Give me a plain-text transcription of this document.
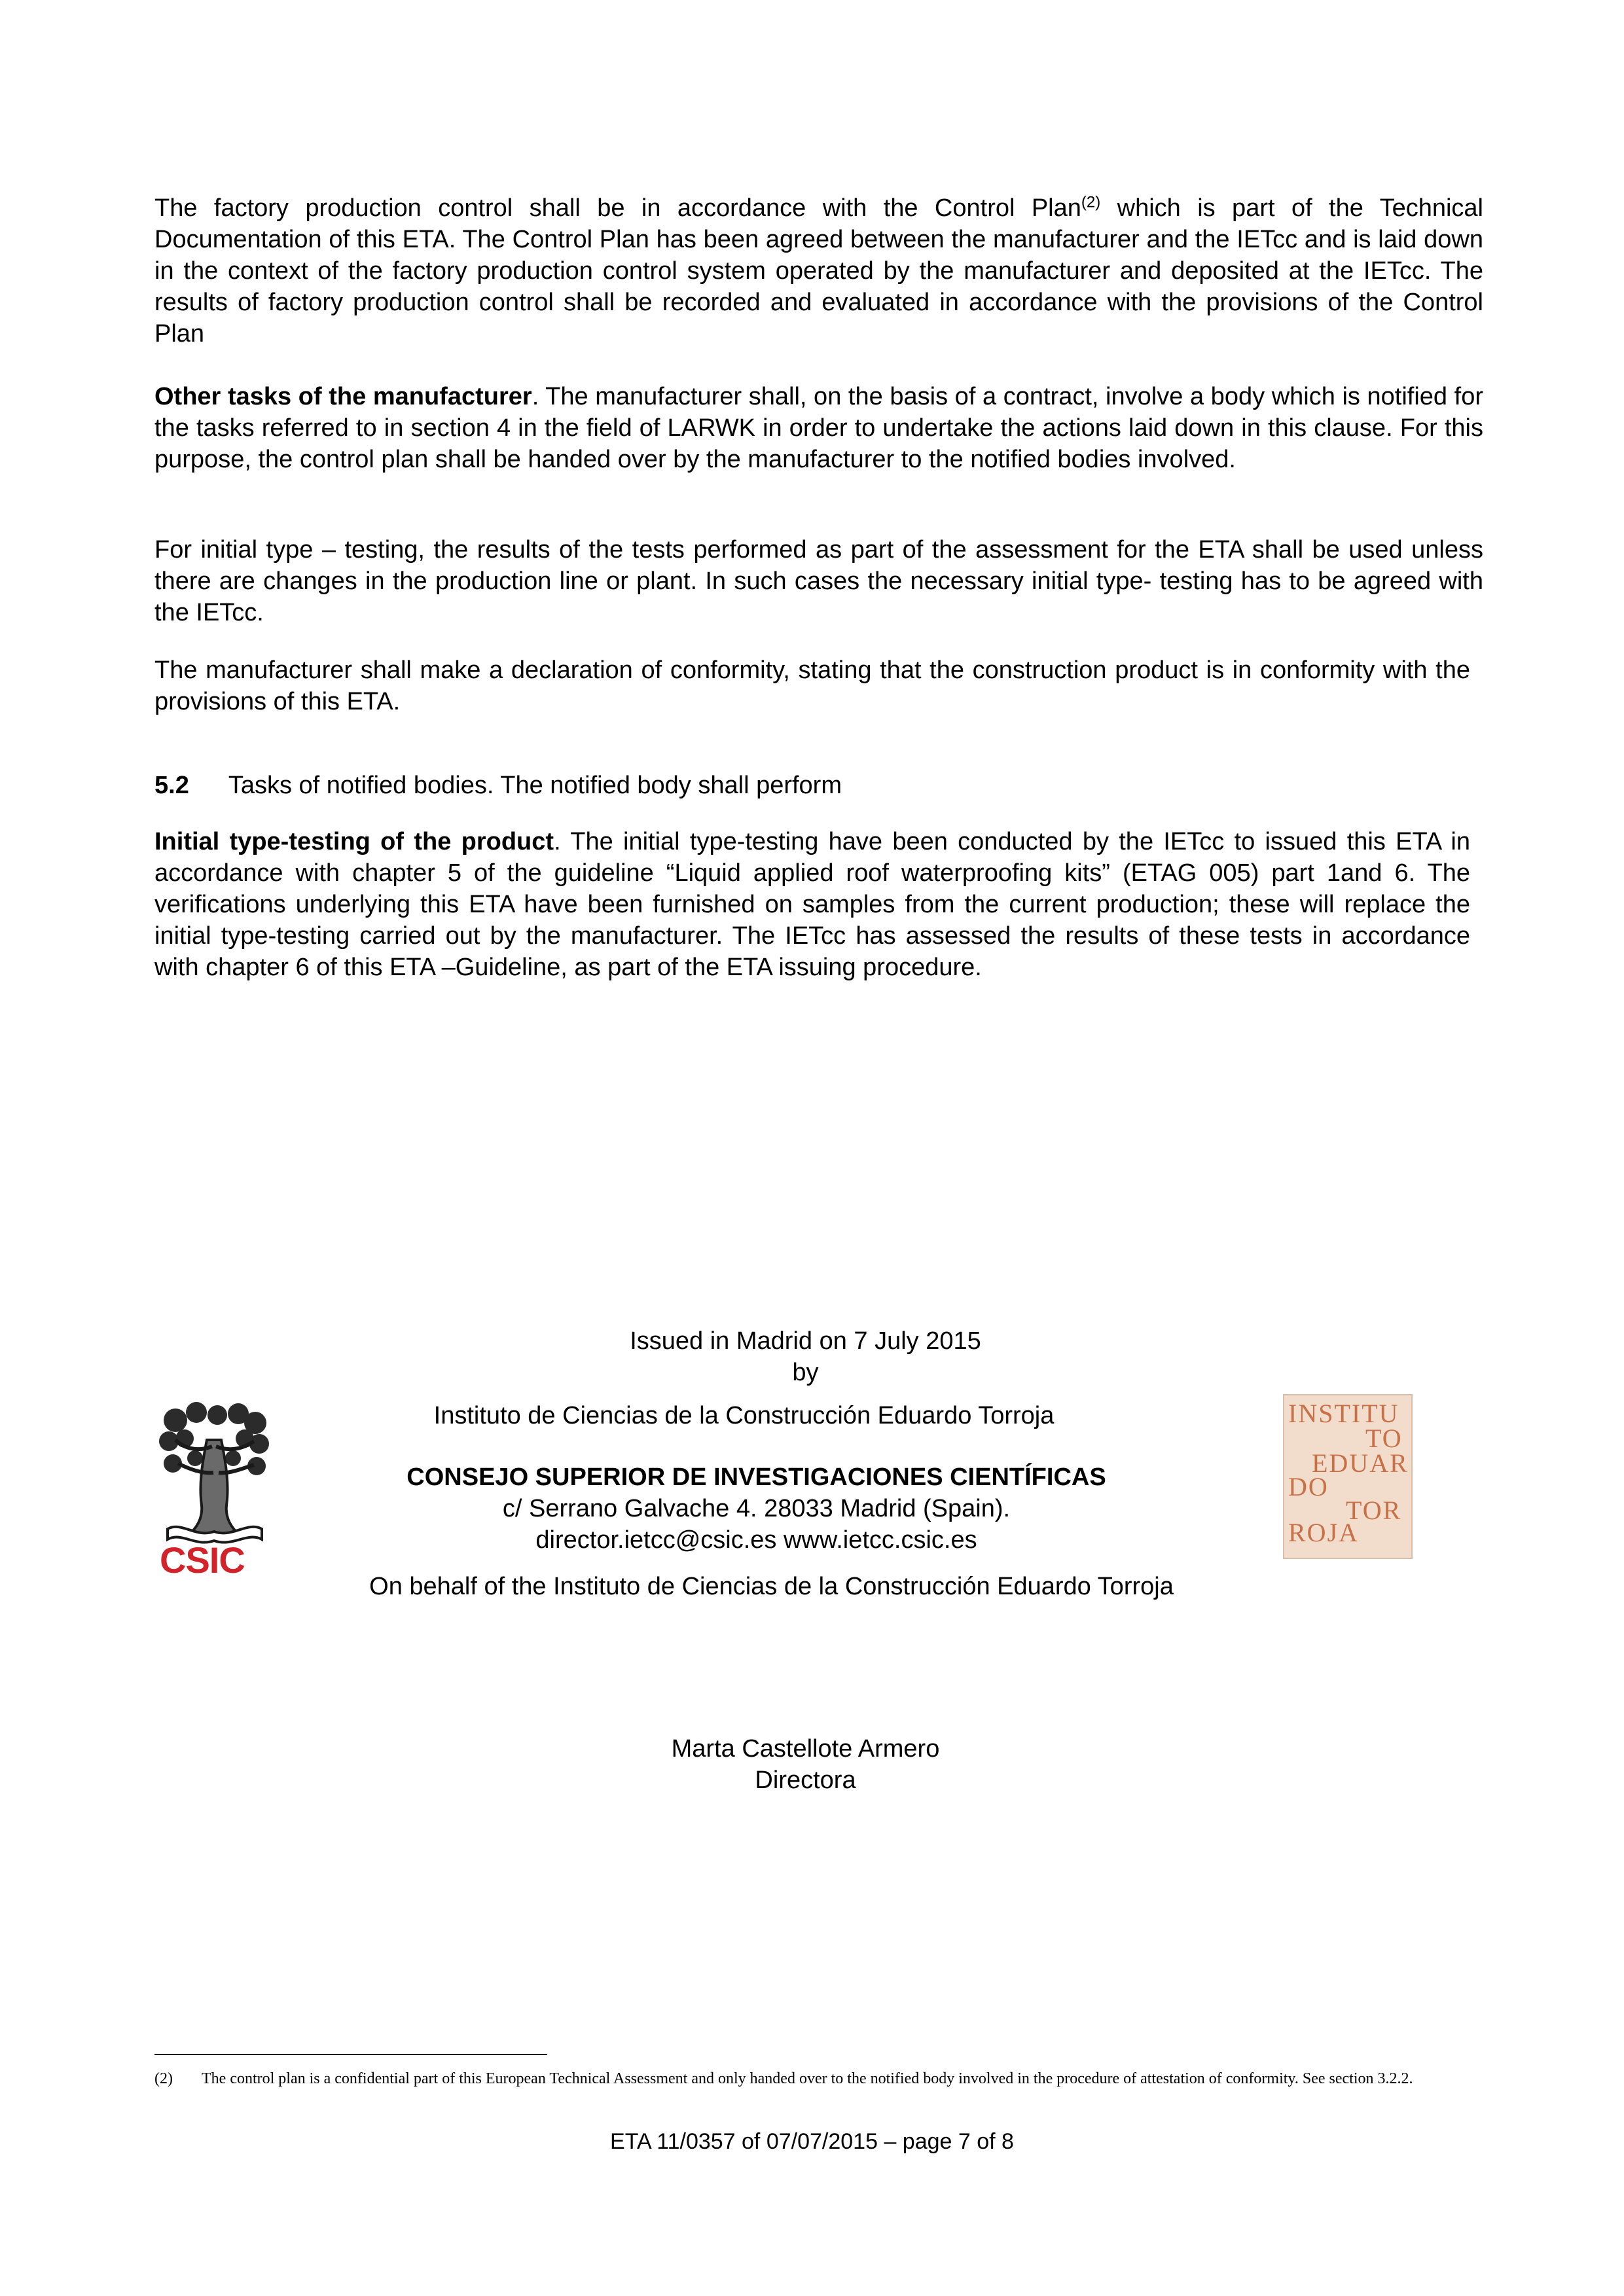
The factory production control shall be in accordance with the Control Plan$^{(2)}$ which is part of the Technical Documentation of this ETA. The Control Plan has been agreed between the manufacturer and the IETcc and is laid down in the context of the factory production control system operated by the manufacturer and deposited at the IETcc. The results of factory production control shall be recorded and evaluated in accordance with the provisions of the Control Plan

Other tasks of the manufacturer. The manufacturer shall, on the basis of a contract, involve a body which is notified for the tasks referred to in section 4 in the field of LARWK in order to undertake the actions laid down in this clause. For this purpose, the control plan shall be handed over by the manufacturer to the notified bodies involved.

For initial type – testing, the results of the tests performed as part of the assessment for the ETA shall be used unless there are changes in the production line or plant. In such cases the necessary initial type- testing has to be agreed with the IETcc.

The manufacturer shall make a declaration of conformity, stating that the construction product is in conformity with the provisions of this ETA.

5.2 Tasks of notified bodies. The notified body shall perform

Initial type-testing of the product. The initial type-testing have been conducted by the IETcc to issued this ETA in accordance with chapter 5 of the guideline “Liquid applied roof waterproofing kits” (ETAG 005) part 1and 6. The verifications underlying this ETA have been furnished on samples from the current production; these will replace the initial type-testing carried out by the manufacturer. The IETcc has assessed the results of these tests in accordance with chapter 6 of this ETA –Guideline, as part of the ETA issuing procedure.

Issued in Madrid on 7 July 2015
by
Instituto de Ciencias de la Construcción Eduardo Torroja
CONSEJO SUPERIOR DE INVESTIGACIONES CIENTÍFICAS
c/ Serrano Galvache 4. 28033 Madrid (Spain).
director.ietcc@csic.es www.ietcc.csic.es
On behalf of the Instituto de Ciencias de la Construcción Eduardo Torroja
CSIC
INSTITU
TO
EDUAR
DO
TOR
ROJA
Marta Castellote Armero
Directora
(2) The control plan is a confidential part of this European Technical Assessment and only handed over to the notified body involved in the procedure of attestation of conformity. See section 3.2.2.
ETA 11/0357 of 07/07/2015 – page 7 of 8
